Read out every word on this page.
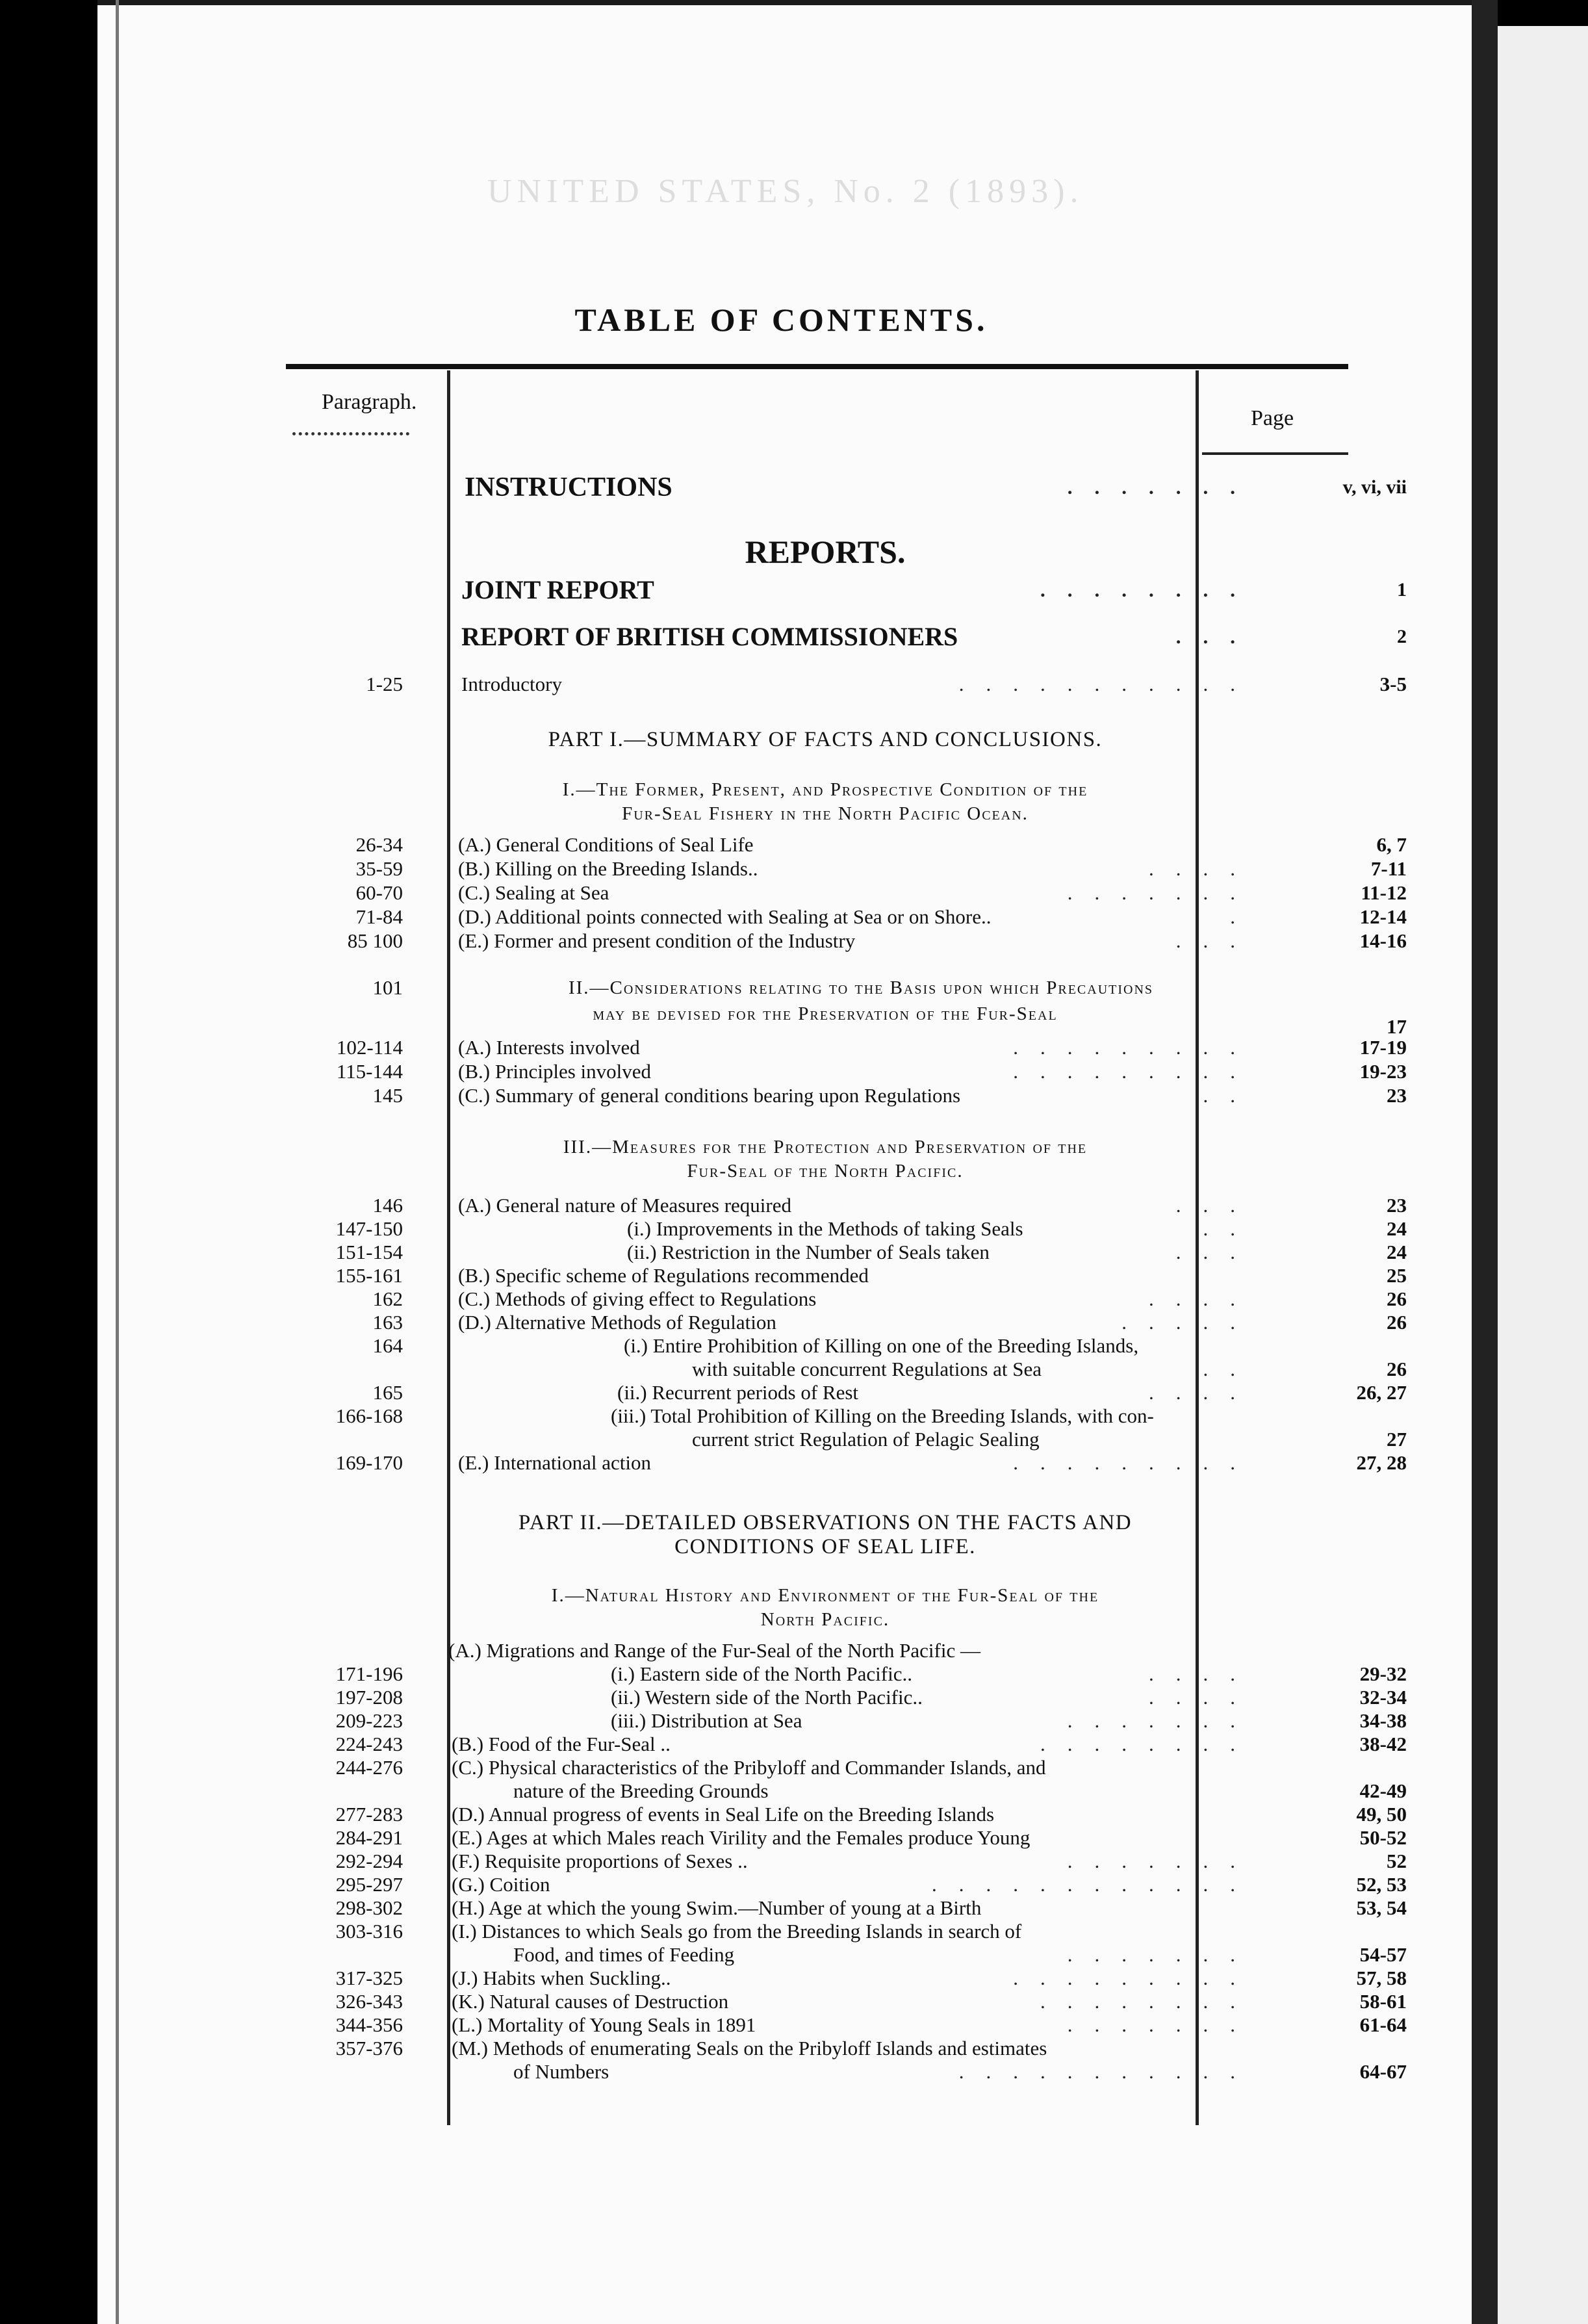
UNITED STATES, No. 2 (1893).
TABLE OF CONTENTS.
Paragraph.
Page
INSTRUCTIONS	.......	v, vi, vii
REPORTS.
JOINT REPORT	........	1
REPORT OF BRITISH COMMISSIONERS	...	2
1-25	Introductory	...........	3-5
PART I.—SUMMARY OF FACTS AND CONCLUSIONS.
I.—The Former, Present, and Prospective Condition of the
Fur-Seal Fishery in the North Pacific Ocean.
26-34	(A.) General Conditions of Seal Life	6, 7
35-59	(B.) Killing on the Breeding Islands..	....	7-11
60-70	(C.) Sealing at Sea	.......	11-12
71-84	(D.) Additional points connected with Sealing at Sea or on Shore..	.	12-14
85 100	(E.) Former and present condition of the Industry	...	14-16
101	II.—Considerations relating to the Basis upon which Precautions
may be devised for the Preservation of the Fur-Seal
17
102-114	(A.) Interests involved	.........	17-19
115-144	(B.) Principles involved	.........	19-23
145	(C.) Summary of general conditions bearing upon Regulations	..	23
III.—Measures for the Protection and Preservation of the
Fur-Seal of the North Pacific.
146	(A.) General nature of Measures required	...	23
147-150	(i.) Improvements in the Methods of taking Seals	..	24
151-154	(ii.) Restriction in the Number of Seals taken	...	24
155-161	(B.) Specific scheme of Regulations recommended	25
162	(C.) Methods of giving effect to Regulations	....	26
163	(D.) Alternative Methods of Regulation	.....	26
164	(i.) Entire Prohibition of Killing on one of the Breeding Islands,
with suitable concurrent Regulations at Sea	..	26
165	(ii.) Recurrent periods of Rest	....	26, 27
166-168	(iii.) Total Prohibition of Killing on the Breeding Islands, with con-
current strict Regulation of Pelagic Sealing	27
169-170	(E.) International action	.........	27, 28
PART II.—DETAILED OBSERVATIONS ON THE FACTS AND
CONDITIONS OF SEAL LIFE.
I.—Natural History and Environment of the Fur-Seal of the
North Pacific.
(A.) Migrations and Range of the Fur-Seal of the North Pacific —
171-196	(i.) Eastern side of the North Pacific..	....	29-32
197-208	(ii.) Western side of the North Pacific..	....	32-34
209-223	(iii.) Distribution at Sea	.......	34-38
224-243 (B.) Food of the Fur-Seal ..	........	38-42
244-276 (C.) Physical characteristics of the Pribyloff and Commander Islands, and
nature of the Breeding Grounds	42-49
277-283 (D.) Annual progress of events in Seal Life on the Breeding Islands	49, 50
284-291 (E.) Ages at which Males reach Virility and the Females produce Young	50-52
292-294 (F.) Requisite proportions of Sexes ..	.......	52
295-297 (G.) Coition	............	52, 53
298-302 (H.) Age at which the young Swim.—Number of young at a Birth	53, 54
303-316 (I.) Distances to which Seals go from the Breeding Islands in search of
Food, and times of Feeding	.......	54-57
317-325 (J.) Habits when Suckling..	.........	57, 58
326-343 (K.) Natural causes of Destruction	........	58-61
344-356 (L.) Mortality of Young Seals in 1891	.......	61-64
357-376 (M.) Methods of enumerating Seals on the Pribyloff Islands and estimates
of Numbers	...........	64-67
